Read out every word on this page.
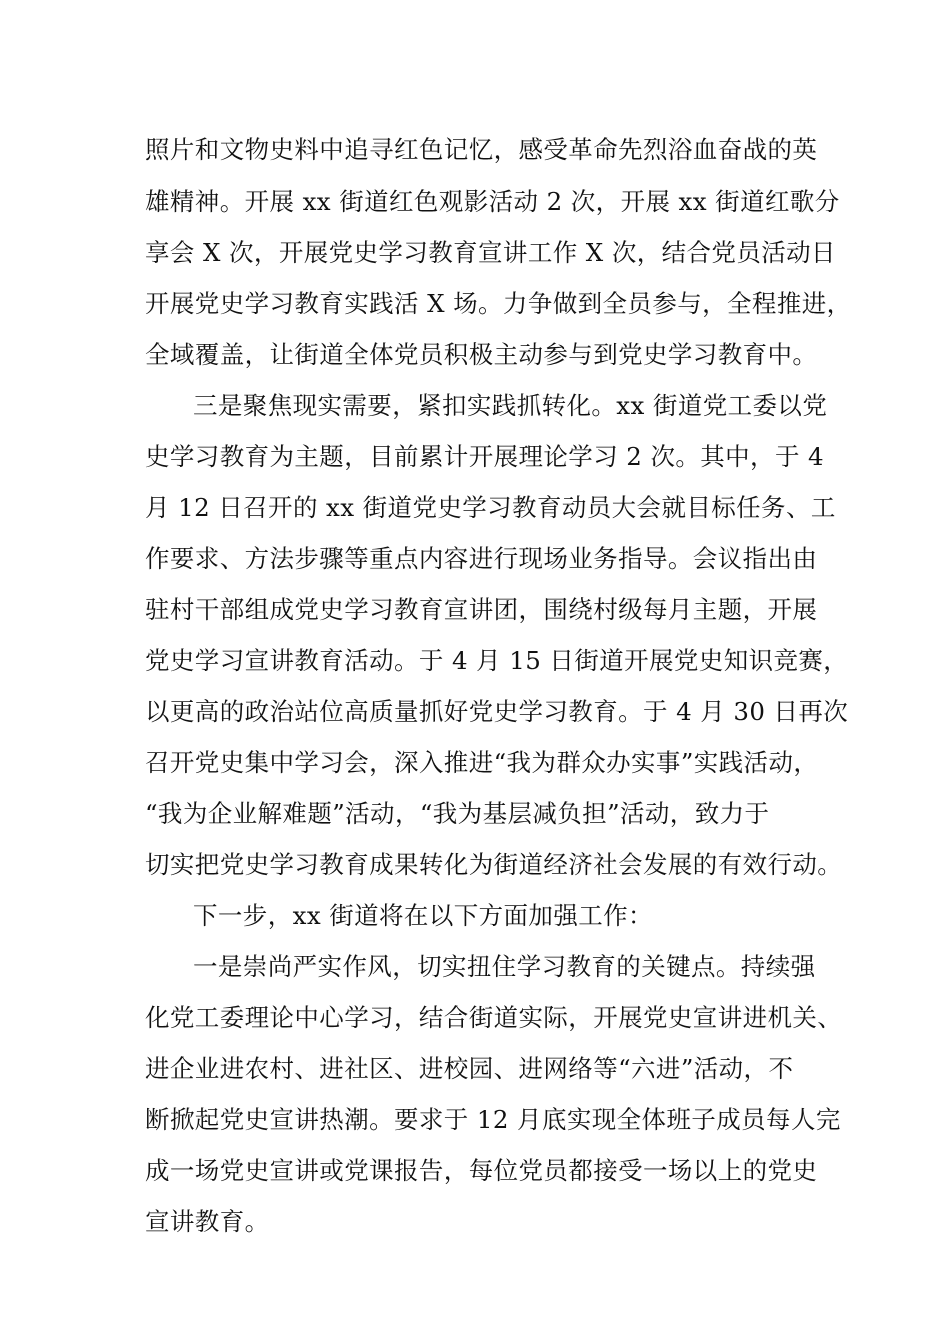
照片和文物史料中追寻红色记忆，感受革命先烈浴血奋战的英
雄精神。开展 xx 街道红色观影活动 2 次，开展 xx 街道红歌分
享会 X 次，开展党史学习教育宣讲工作 X 次，结合党员活动日
开展党史学习教育实践活 X 场。力争做到全员参与，全程推进，
全域覆盖，让街道全体党员积极主动参与到党史学习教育中。
三是聚焦现实需要，紧扣实践抓转化。xx 街道党工委以党
史学习教育为主题，目前累计开展理论学习 2 次。其中，于 4
月 12 日召开的 xx 街道党史学习教育动员大会就目标任务、工
作要求、方法步骤等重点内容进行现场业务指导。会议指出由
驻村干部组成党史学习教育宣讲团，围绕村级每月主题，开展
党史学习宣讲教育活动。于 4 月 15 日街道开展党史知识竞赛，
以更高的政治站位高质量抓好党史学习教育。于 4 月 30 日再次
召开党史集中学习会，深入推进“我为群众办实事”实践活动，
“我为企业解难题”活动，“我为基层减负担”活动，致力于
切实把党史学习教育成果转化为街道经济社会发展的有效行动。
下一步，xx 街道将在以下方面加强工作：
一是崇尚严实作风，切实扭住学习教育的关键点。持续强
化党工委理论中心学习，结合街道实际，开展党史宣讲进机关、
进企业进农村、进社区、进校园、进网络等“六进”活动，不
断掀起党史宣讲热潮。要求于 12 月底实现全体班子成员每人完
成一场党史宣讲或党课报告，每位党员都接受一场以上的党史
宣讲教育。
